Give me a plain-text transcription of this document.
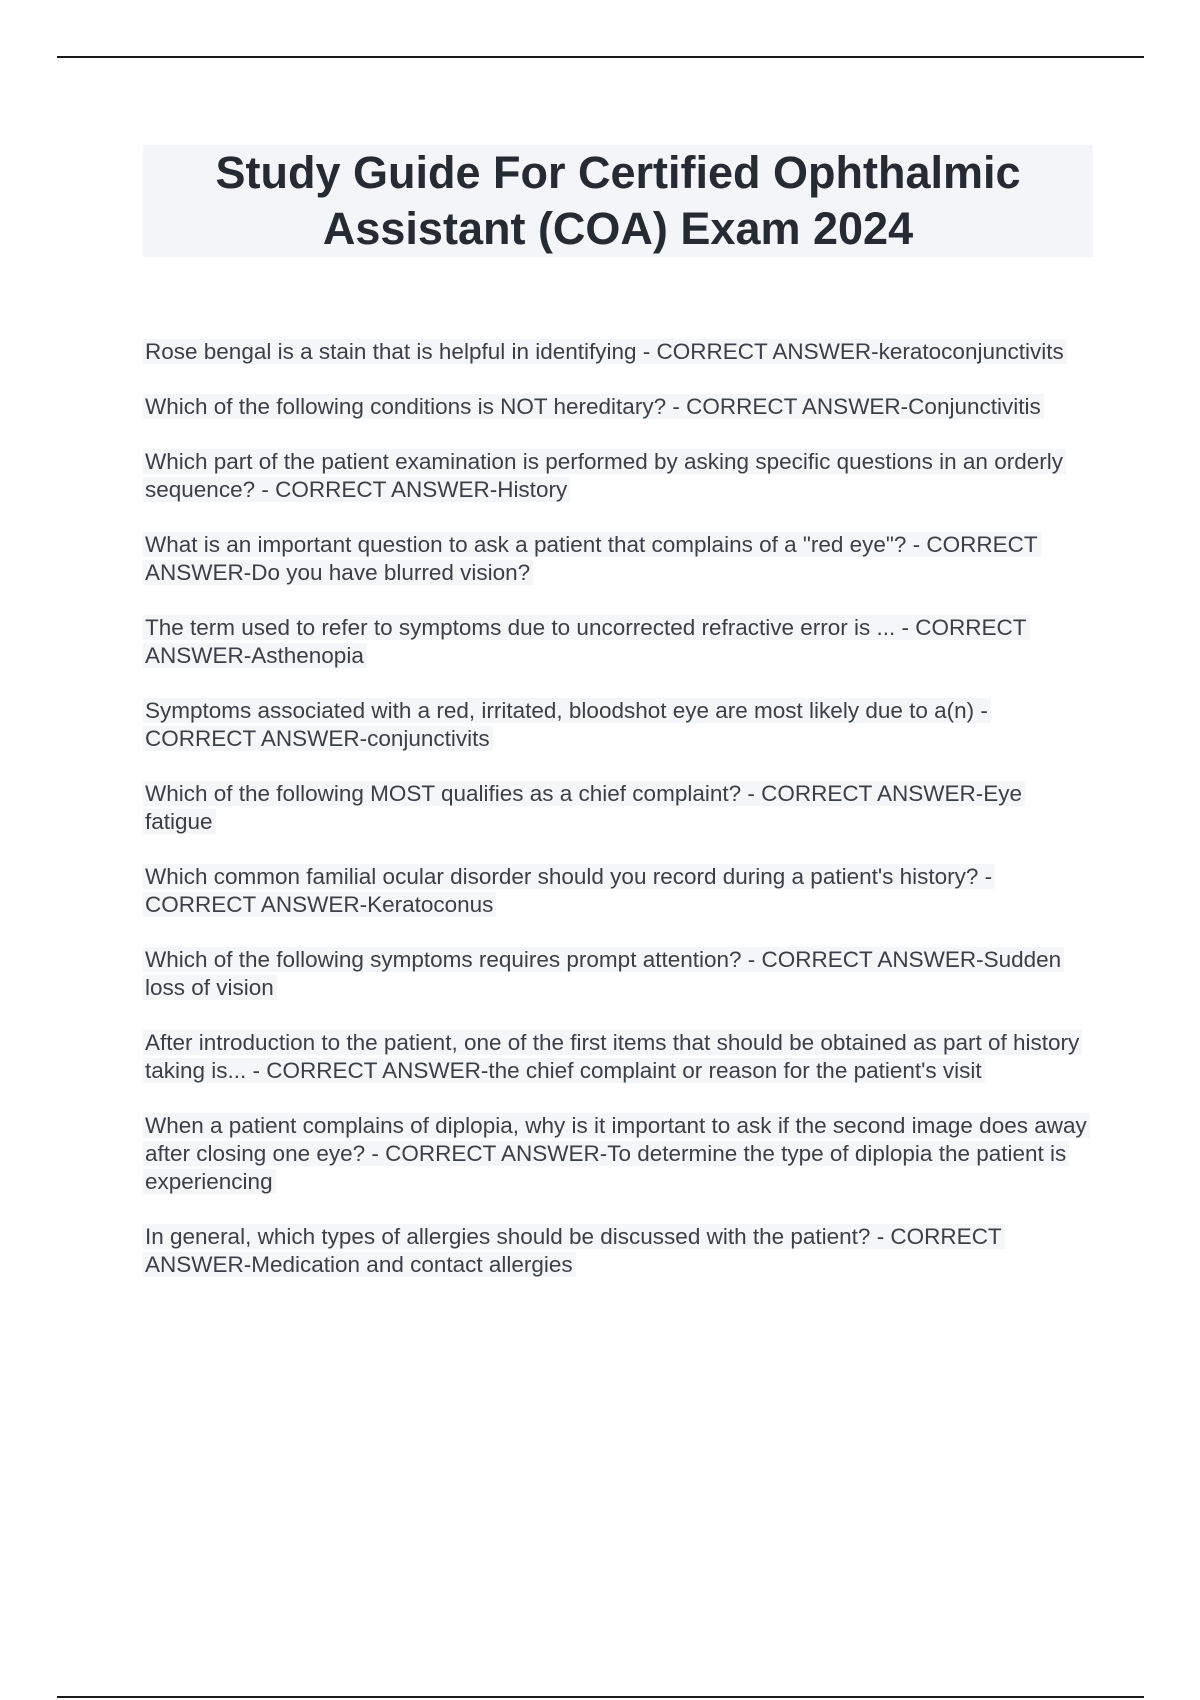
Study Guide For Certified Ophthalmic
Assistant (COA) Exam 2024

Rose bengal is a stain that is helpful in identifying - CORRECT ANSWER-keratoconjunctivits

Which of the following conditions is NOT hereditary? - CORRECT ANSWER-Conjunctivitis

Which part of the patient examination is performed by asking specific questions in an orderly sequence? - CORRECT ANSWER-History

What is an important question to ask a patient that complains of a "red eye"? - CORRECT ANSWER-Do you have blurred vision?

The term used to refer to symptoms due to uncorrected refractive error is ... - CORRECT ANSWER-Asthenopia

Symptoms associated with a red, irritated, bloodshot eye are most likely due to a(n) - CORRECT ANSWER-conjunctivits

Which of the following MOST qualifies as a chief complaint? - CORRECT ANSWER-Eye fatigue

Which common familial ocular disorder should you record during a patient's history? - CORRECT ANSWER-Keratoconus

Which of the following symptoms requires prompt attention? - CORRECT ANSWER-Sudden loss of vision

After introduction to the patient, one of the first items that should be obtained as part of history taking is... - CORRECT ANSWER-the chief complaint or reason for the patient's visit

When a patient complains of diplopia, why is it important to ask if the second image does away after closing one eye? - CORRECT ANSWER-To determine the type of diplopia the patient is experiencing

In general, which types of allergies should be discussed with the patient? - CORRECT ANSWER-Medication and contact allergies
